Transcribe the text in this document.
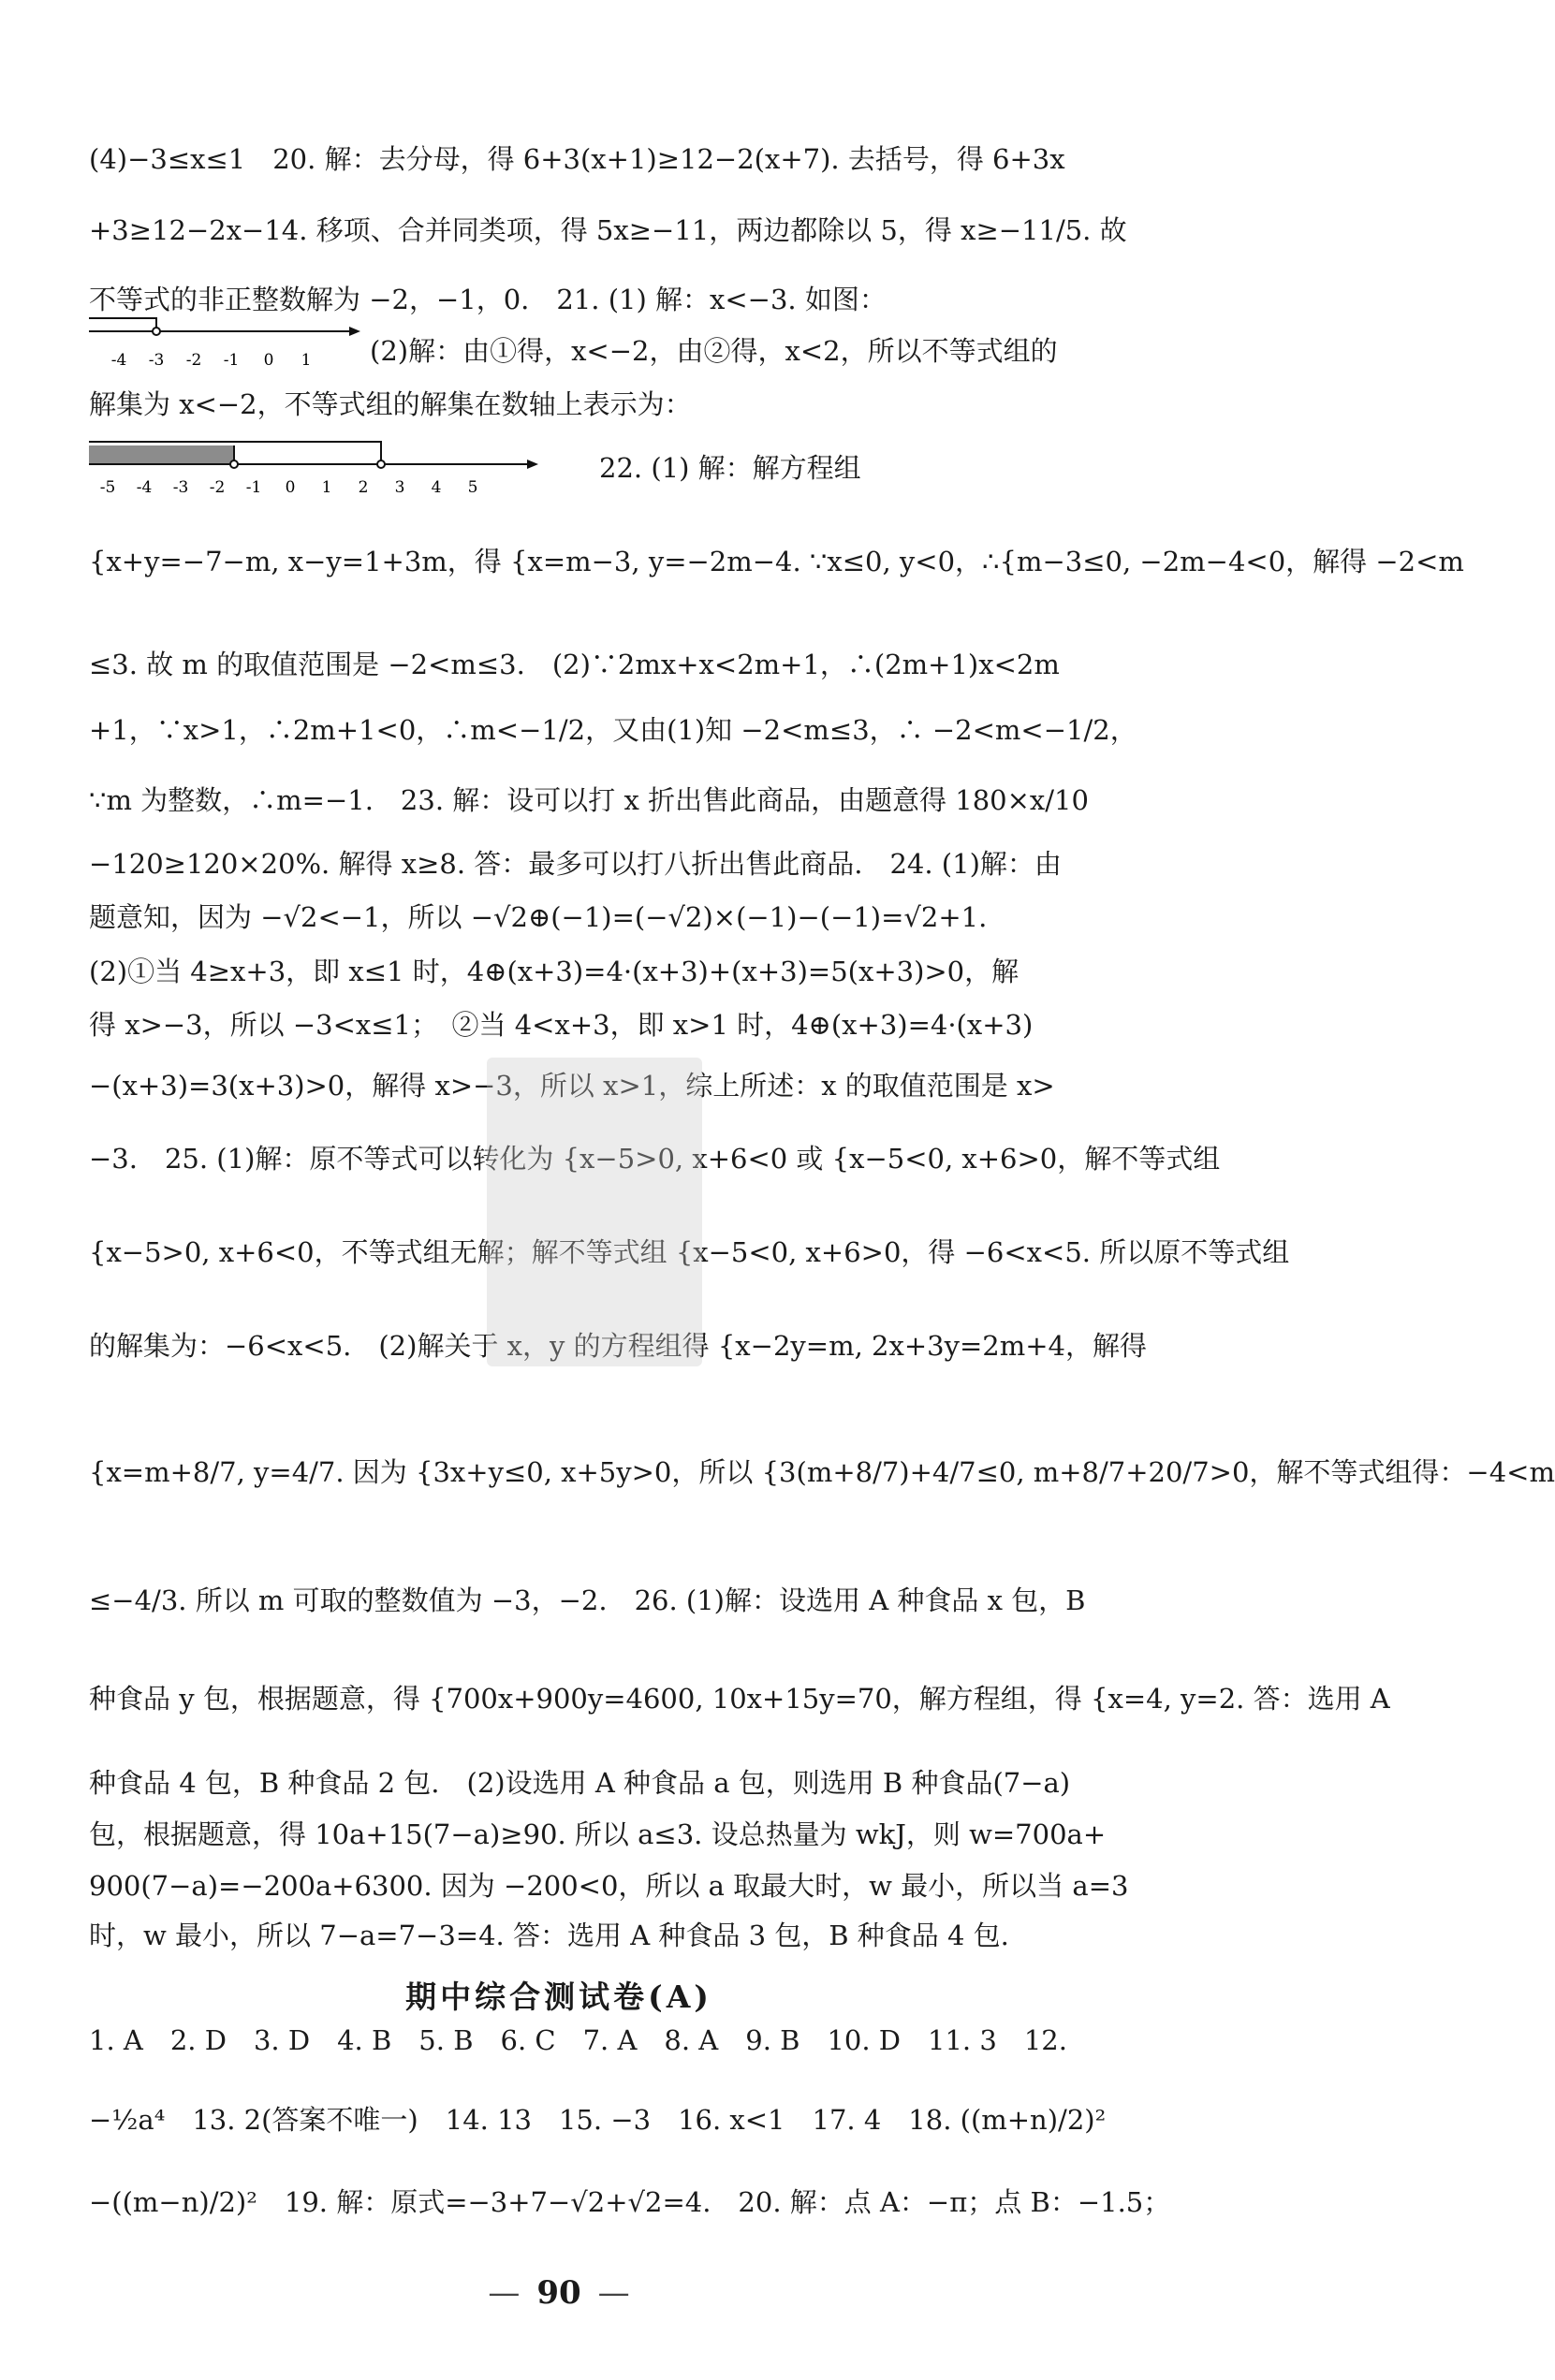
(4)−3≤x≤1　20. 解：去分母，得 6+3(x+1)≥12−2(x+7). 去括号，得 6+3x
+3≥12−2x−14. 移项、合并同类项，得 5x≥−11，两边都除以 5，得 x≥−11/5. 故
不等式的非正整数解为 −2，−1，0.　21. (1) 解：x<−3. 如图：
-4 -3 -2 -1 0 1 (2)解：由①得，x<−2，由②得，x<2，所以不等式组的
解集为 x<−2，不等式组的解集在数轴上表示为：
-5 -4 -3 -2 -1 0 1 2 3 4 5
22. (1) 解：解方程组
{x+y=−7−m, x−y=1+3m，得 {x=m−3, y=−2m−4. ∵x≤0, y<0，∴{m−3≤0, −2m−4<0，解得 −2<m
≤3. 故 m 的取值范围是 −2<m≤3.　(2)∵2mx+x<2m+1，∴(2m+1)x<2m
+1，∵x>1，∴2m+1<0，∴m<−1/2，又由(1)知 −2<m≤3，∴ −2<m<−1/2，
∵m 为整数，∴m=−1.　23. 解：设可以打 x 折出售此商品，由题意得 180×x/10
−120≥120×20%. 解得 x≥8. 答：最多可以打八折出售此商品.　24. (1)解：由
题意知，因为 −√2<−1，所以 −√2⊕(−1)=(−√2)×(−1)−(−1)=√2+1.
(2)①当 4≥x+3，即 x≤1 时，4⊕(x+3)=4·(x+3)+(x+3)=5(x+3)>0，解
得 x>−3，所以 −3<x≤1；　②当 4<x+3，即 x>1 时，4⊕(x+3)=4·(x+3)
−(x+3)=3(x+3)>0，解得 x>−3，所以 x>1，综上所述：x 的取值范围是 x>
−3.　25. (1)解：原不等式可以转化为 {x−5>0, x+6<0 或 {x−5<0, x+6>0，解不等式组
{x−5>0, x+6<0，不等式组无解；解不等式组 {x−5<0, x+6>0，得 −6<x<5. 所以原不等式组
的解集为：−6<x<5.　(2)解关于 x，y 的方程组得 {x−2y=m, 2x+3y=2m+4，解得
{x=m+8/7, y=4/7. 因为 {3x+y≤0, x+5y>0，所以 {3(m+8/7)+4/7≤0, m+8/7+20/7>0，解不等式组得：−4<m
≤−4/3. 所以 m 可取的整数值为 −3，−2.　26. (1)解：设选用 A 种食品 x 包，B
种食品 y 包，根据题意，得 {700x+900y=4600, 10x+15y=70，解方程组，得 {x=4, y=2. 答：选用 A
种食品 4 包，B 种食品 2 包.　(2)设选用 A 种食品 a 包，则选用 B 种食品(7−a)
包，根据题意，得 10a+15(7−a)≥90. 所以 a≤3. 设总热量为 wkJ，则 w=700a+
900(7−a)=−200a+6300. 因为 −200<0，所以 a 取最大时，w 最小，所以当 a=3
时，w 最小，所以 7−a=7−3=4. 答：选用 A 种食品 3 包，B 种食品 4 包.
期中综合测试卷(A)
1. A　2. D　3. D　4. B　5. B　6. C　7. A　8. A　9. B　10. D　11. 3　12.
−½a⁴　13. 2(答案不唯一)　14. 13　15. −3　16. x<1　17. 4　18. ((m+n)/2)²
−((m−n)/2)²　19. 解：原式=−3+7−√2+√2=4.　20. 解：点 A：−π；点 B：−1.5；
— 90 —
